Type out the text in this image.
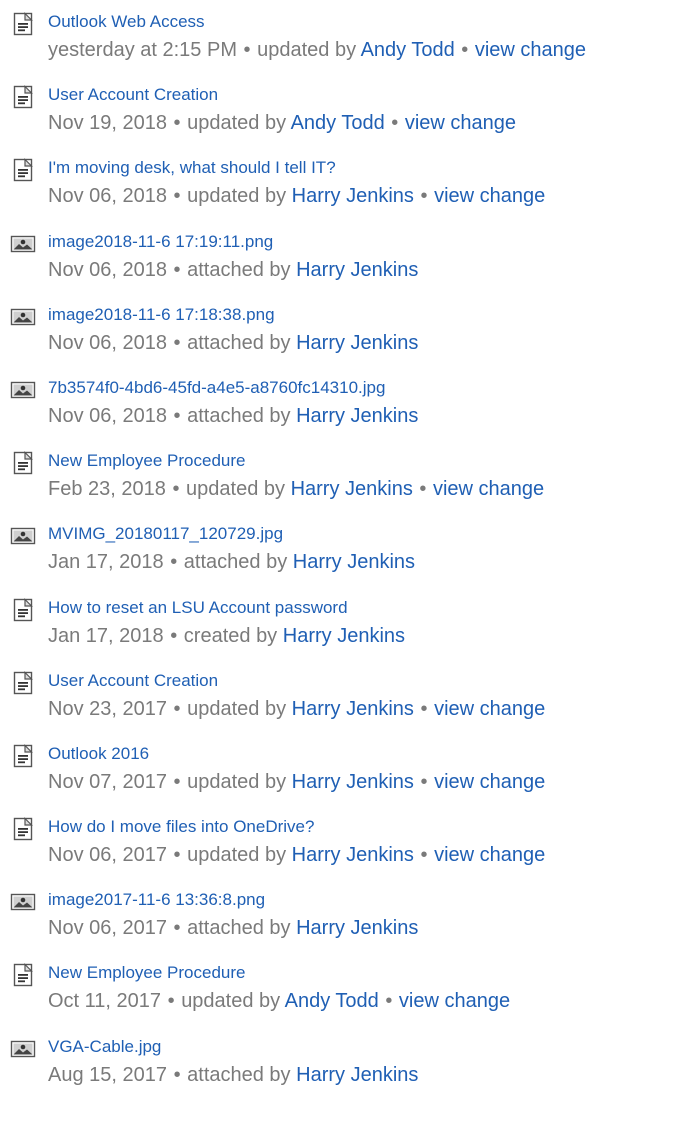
Outlook Web Access
yesterday at 2:15 PM • updated by Andy Todd • view change
User Account Creation
Nov 19, 2018 • updated by Andy Todd • view change
I'm moving desk, what should I tell IT?
Nov 06, 2018 • updated by Harry Jenkins • view change
image2018-11-6 17:19:11.png
Nov 06, 2018 • attached by Harry Jenkins
image2018-11-6 17:18:38.png
Nov 06, 2018 • attached by Harry Jenkins
7b3574f0-4bd6-45fd-a4e5-a8760fc14310.jpg
Nov 06, 2018 • attached by Harry Jenkins
New Employee Procedure
Feb 23, 2018 • updated by Harry Jenkins • view change
MVIMG_20180117_120729.jpg
Jan 17, 2018 • attached by Harry Jenkins
How to reset an LSU Account password
Jan 17, 2018 • created by Harry Jenkins
User Account Creation
Nov 23, 2017 • updated by Harry Jenkins • view change
Outlook 2016
Nov 07, 2017 • updated by Harry Jenkins • view change
How do I move files into OneDrive?
Nov 06, 2017 • updated by Harry Jenkins • view change
image2017-11-6 13:36:8.png
Nov 06, 2017 • attached by Harry Jenkins
New Employee Procedure
Oct 11, 2017 • updated by Andy Todd • view change
VGA-Cable.jpg
Aug 15, 2017 • attached by Harry Jenkins
